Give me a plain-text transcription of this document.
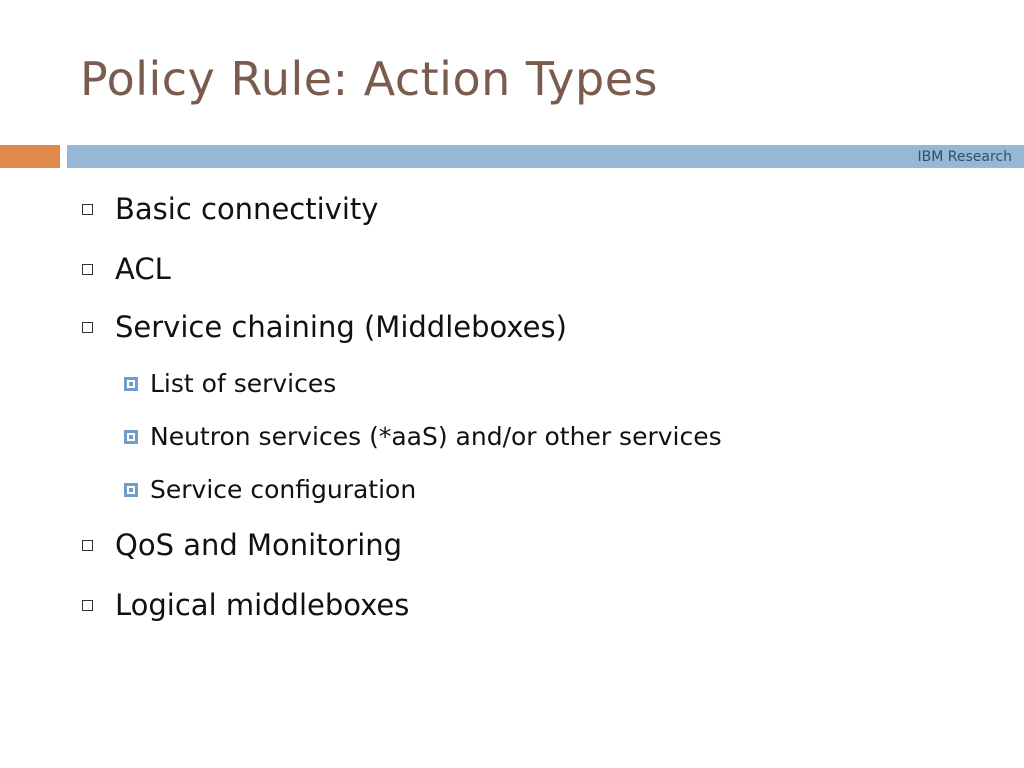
Policy Rule: Action Types
IBM Research
Basic connectivity
ACL
Service chaining (Middleboxes)
List of services
Neutron services (*aaS) and/or other services
Service configuration
QoS and Monitoring
Logical middleboxes
